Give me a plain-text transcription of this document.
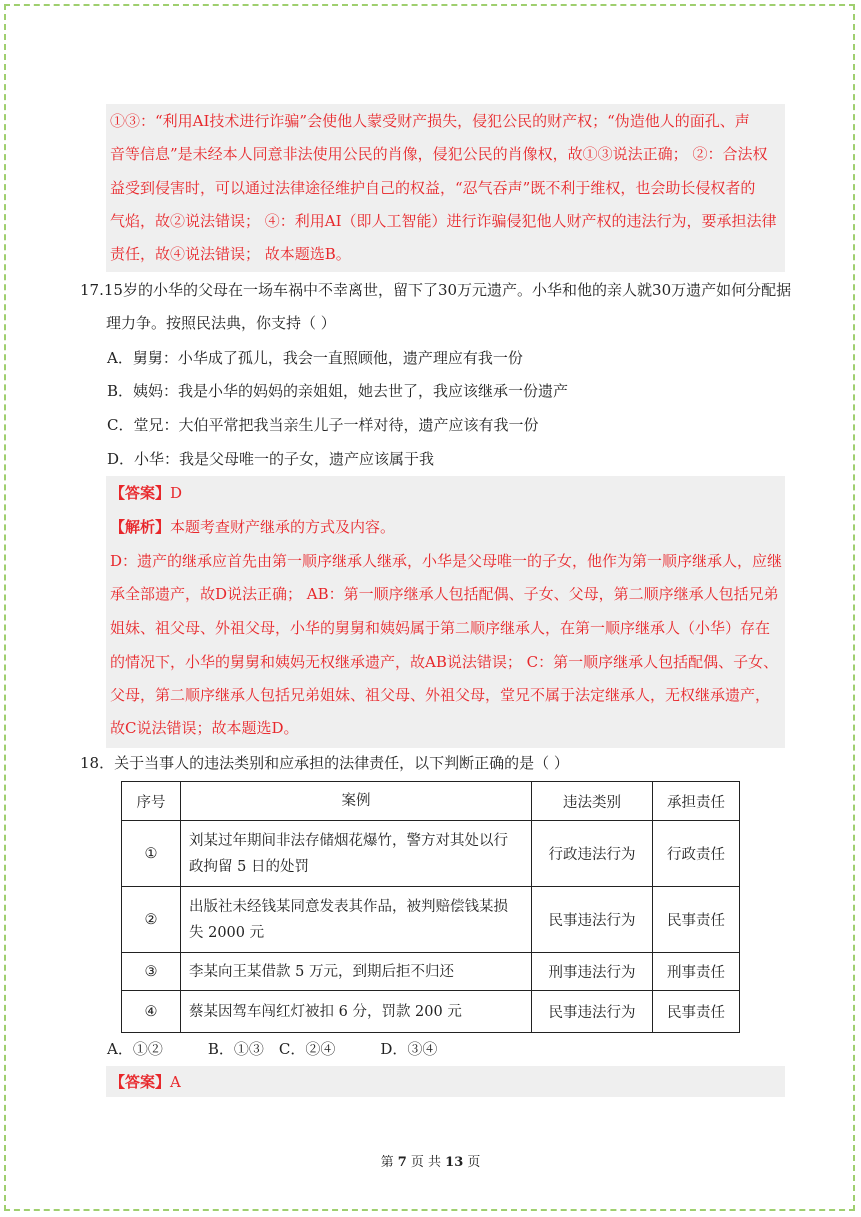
①③：“利用AI技术进行诈骗”会使他人蒙受财产损失，侵犯公民的财产权；“伪造他人的面孔、声
音等信息”是未经本人同意非法使用公民的肖像，侵犯公民的肖像权，故①③说法正确； ②：合法权
益受到侵害时，可以通过法律途径维护自己的权益，“忍气吞声”既不利于维权，也会助长侵权者的
气焰，故②说法错误； ④：利用AI（即人工智能）进行诈骗侵犯他人财产权的违法行为，要承担法律
责任，故④说法错误； 故本题选B。
17.15岁的小华的父母在一场车祸中不幸离世，留下了30万元遗产。小华和他的亲人就30万遗产如何分配据
理力争。按照民法典，你支持（ ）
A．舅舅：小华成了孤儿，我会一直照顾他，遗产理应有我一份
B．姨妈：我是小华的妈妈的亲姐姐，她去世了，我应该继承一份遗产
C．堂兄：大伯平常把我当亲生儿子一样对待，遗产应该有我一份
D．小华：我是父母唯一的子女，遗产应该属于我
【答案】D
【解析】本题考查财产继承的方式及内容。
D：遗产的继承应首先由第一顺序继承人继承，小华是父母唯一的子女，他作为第一顺序继承人，应继
承全部遗产，故D说法正确； AB：第一顺序继承人包括配偶、子女、父母，第二顺序继承人包括兄弟
姐妹、祖父母、外祖父母，小华的舅舅和姨妈属于第二顺序继承人，在第一顺序继承人（小华）存在
的情况下，小华的舅舅和姨妈无权继承遗产，故AB说法错误； C：第一顺序继承人包括配偶、子女、
父母，第二顺序继承人包括兄弟姐妹、祖父母、外祖父母，堂兄不属于法定继承人，无权继承遗产，
故C说法错误；故本题选D。
18．关于当事人的违法类别和应承担的法律责任，以下判断正确的是（ ）
序号	案例	违法类别	承担责任
①	刘某过年期间非法存储烟花爆竹，警方对其处以行
政拘留 5 日的处罚	行政违法行为	行政责任
②	出版社未经钱某同意发表其作品，被判赔偿钱某损
失 2000 元	民事违法行为	民事责任
③	李某向王某借款 5 万元，到期后拒不归还	刑事违法行为	刑事责任
④	蔡某因驾车闯红灯被扣 6 分，罚款 200 元	民事违法行为	民事责任
A．①②　　　B．①③　C．②④　　　D．③④
【答案】A
第 7 页 共 13 页
